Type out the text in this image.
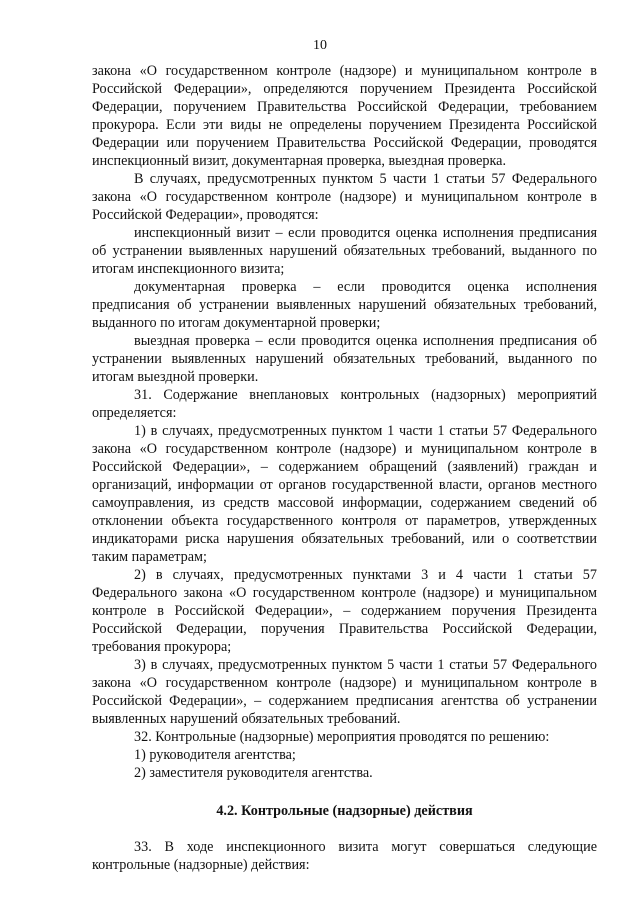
10

закона «О государственном контроле (надзоре) и муниципальном контроле в Российской Федерации», определяются поручением Президента Российской Федерации, поручением Правительства Российской Федерации, требованием прокурора. Если эти виды не определены поручением Президента Российской Федерации или поручением Правительства Российской Федерации, проводятся инспекционный визит, документарная проверка, выездная проверка.

В случаях, предусмотренных пунктом 5 части 1 статьи 57 Федерального закона «О государственном контроле (надзоре) и муниципальном контроле в Российской Федерации», проводятся:

инспекционный визит – если проводится оценка исполнения предписания об устранении выявленных нарушений обязательных требований, выданного по итогам инспекционного визита;

документарная проверка – если проводится оценка исполнения предписания об устранении выявленных нарушений обязательных требований, выданного по итогам документарной проверки;

выездная проверка – если проводится оценка исполнения предписания об устранении выявленных нарушений обязательных требований, выданного по итогам выездной проверки.

31. Содержание внеплановых контрольных (надзорных) мероприятий определяется:

1) в случаях, предусмотренных пунктом 1 части 1 статьи 57 Федерального закона «О государственном контроле (надзоре) и муниципальном контроле в Российской Федерации», – содержанием обращений (заявлений) граждан и организаций, информации от органов государственной власти, органов местного самоуправления, из средств массовой информации, содержанием сведений об отклонении объекта государственного контроля от параметров, утвержденных индикаторами риска нарушения обязательных требований, или о соответствии таким параметрам;

2) в случаях, предусмотренных пунктами 3 и 4 части 1 статьи 57 Федерального закона «О государственном контроле (надзоре) и муниципальном контроле в Российской Федерации», – содержанием поручения Президента Российской Федерации, поручения Правительства Российской Федерации, требования прокурора;

3) в случаях, предусмотренных пунктом 5 части 1 статьи 57 Федерального закона «О государственном контроле (надзоре) и муниципальном контроле в Российской Федерации», – содержанием предписания агентства об устранении выявленных нарушений обязательных требований.

32. Контрольные (надзорные) мероприятия проводятся по решению:

1) руководителя агентства;

2) заместителя руководителя агентства.

4.2. Контрольные (надзорные) действия

33. В ходе инспекционного визита могут совершаться следующие контрольные (надзорные) действия:
